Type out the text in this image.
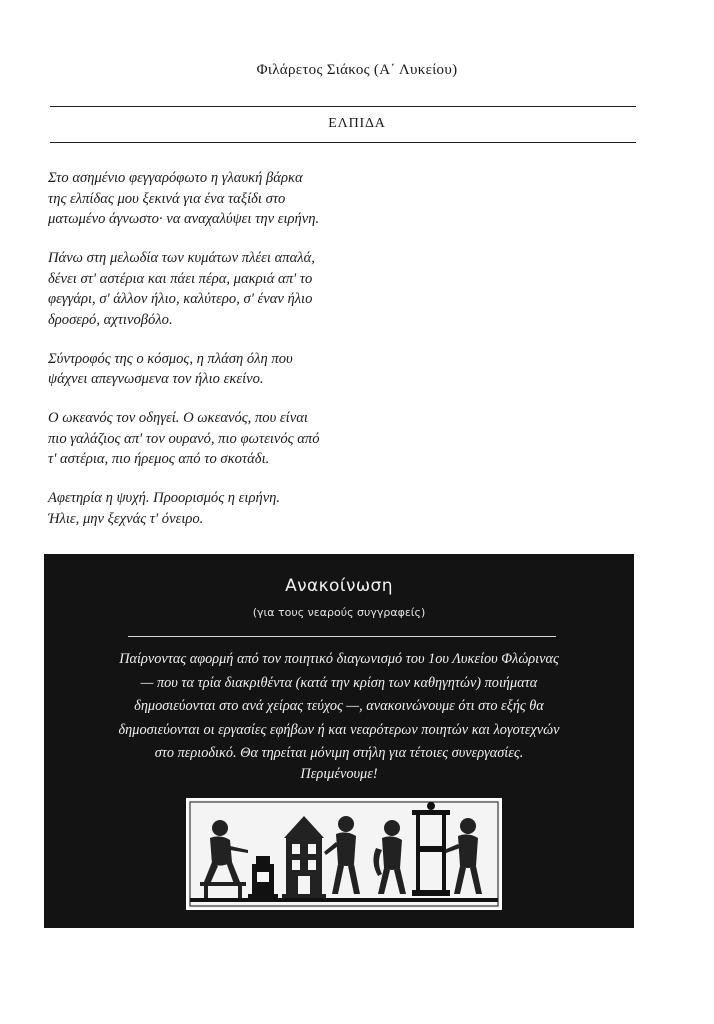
Φιλάρετος Σιάκος (Α΄ Λυκείου)
ΕΛΠΙΔΑ

Στο ασημένιο φεγγαρόφωτο η γλαυκή βάρκα
της ελπίδας μου ξεκινά για ένα ταξίδι στο
ματωμένο άγνωστο· να αναχαλύψει την ειρήνη.

Πάνω στη μελωδία των κυμάτων πλέει απαλά,
δένει στ' αστέρια και πάει πέρα, μακριά απ' το
φεγγάρι, σ' άλλον ήλιο, καλύτερο, σ' έναν ήλιο
δροσερό, αχτινοβόλο.

Σύντροφός της ο κόσμος, η πλάση όλη που
ψάχνει απεγνωσμενα τον ήλιο εκείνο.

Ο ωκεανός τον οδηγεί. Ο ωκεανός, που είναι
πιο γαλάζιος απ' τον ουρανό, πιο φωτεινός από
τ' αστέρια, πιο ήρεμος από το σκοτάδι.

Αφετηρία η ψυχή. Προορισμός η ειρήνη.
Ήλιε, μην ξεχνάς τ' όνειρο.

Ανακοίνωση
(για τους νεαρούς συγγραφείς)
Παίρνοντας αφορμή από τον ποιητικό διαγωνισμό του 1ου Λυκείου Φλώρινας
— που τα τρία διακριθέντα (κατά την κρίση των καθηγητών) ποιήματα
δημοσιεύονται στο ανά χείρας τεύχος —, ανακοινώνουμε ότι στο εξής θα
δημοσιεύονται οι εργασίες εφήβων ή και νεαρότερων ποιητών και λογοτεχνών
στο περιοδικό. Θα τηρείται μόνιμη στήλη για τέτοιες συνεργασίες.
Περιμένουμε!
